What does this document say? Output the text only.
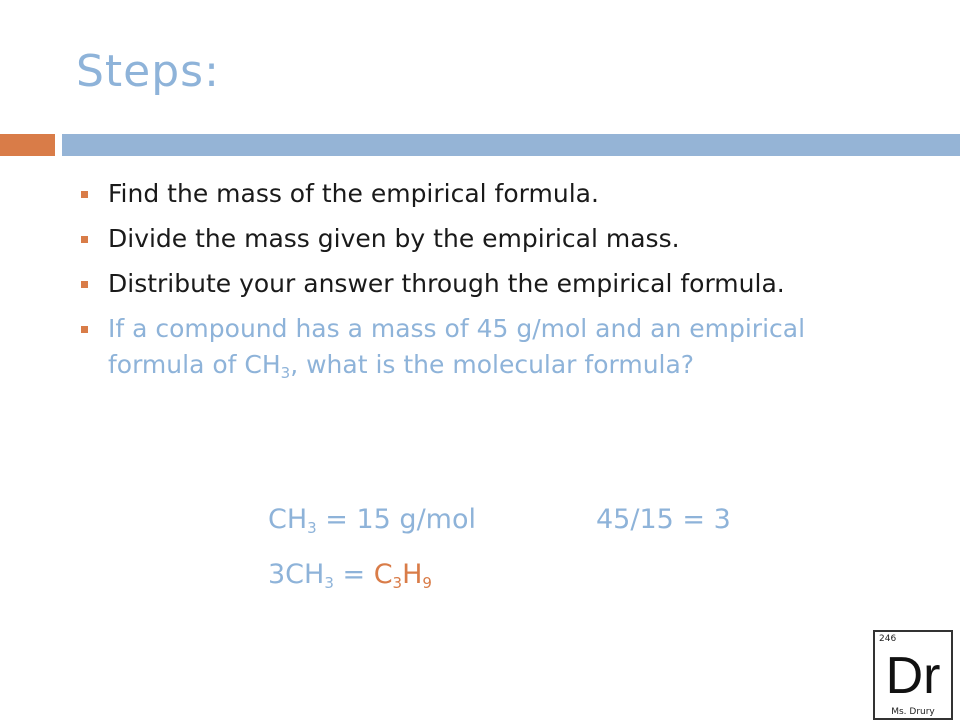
Steps:
Find the mass of the empirical formula.
Divide the mass given by the empirical mass.
Distribute your answer through the empirical formula.
If a compound has a mass of 45 g/mol and an empirical formula of $CH_3$, what is the molecular formula?
$CH_3 = 15$ g/mol	45/15 = 3
$3CH_3 = C_3H_9$
246
Dr
Ms. Drury
